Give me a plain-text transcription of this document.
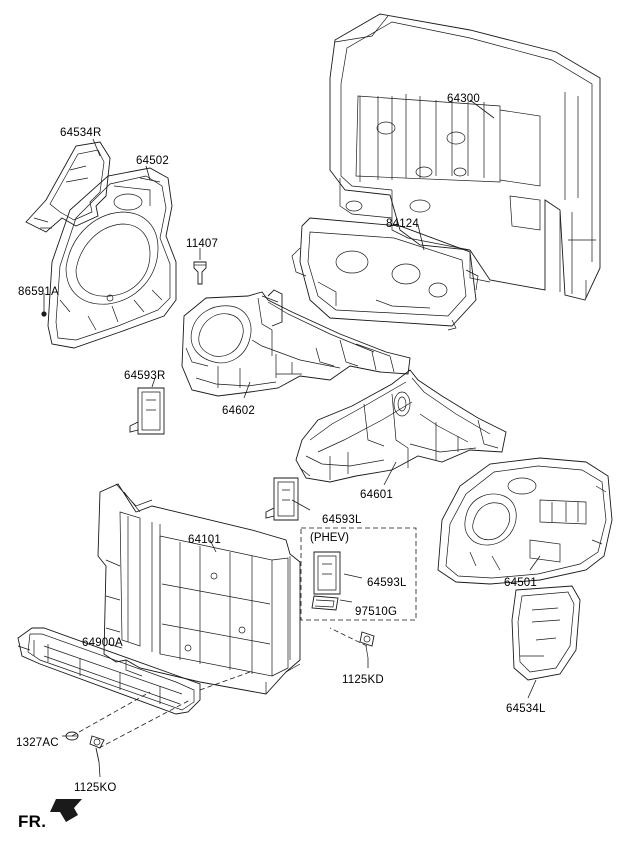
64534R
64502
64300
84124
11407
86591A
64593R
64602
64601
64593L
64501
64101
64593L
97510G
64900A
1125KD
64534L
1327AC
1125KO
(PHEV)
FR.
